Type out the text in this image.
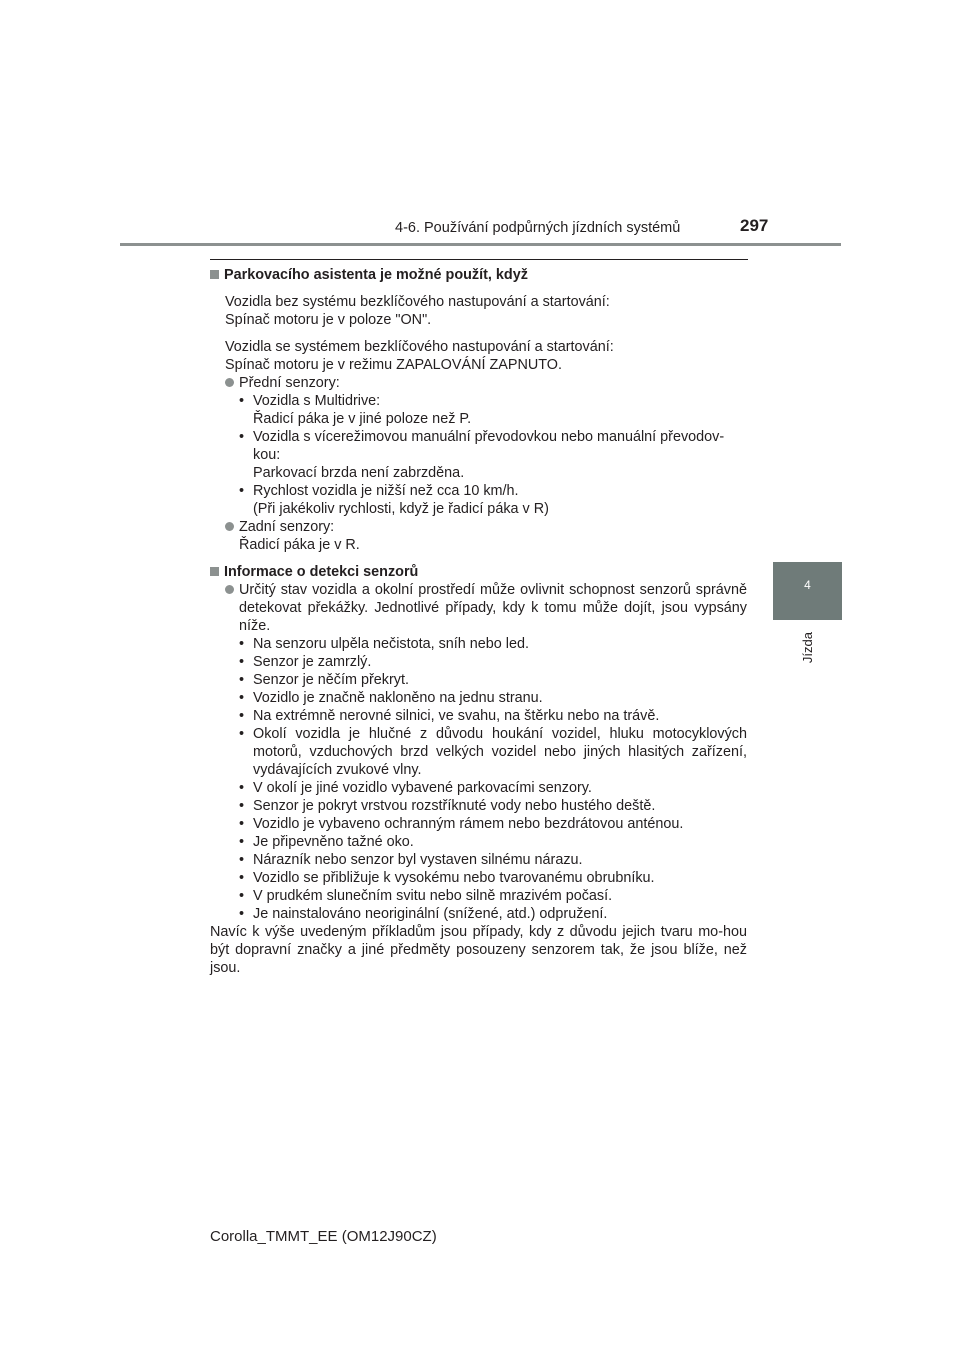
4-6. Používání podpůrných jízdních systémů	297
4
Jízda
Parkovacího asistenta je možné použít, když
Vozidla bez systému bezklíčového nastupování a startování:
Spínač motoru je v poloze "ON".
Vozidla se systémem bezklíčového nastupování a startování:
Spínač motoru je v režimu ZAPALOVÁNÍ ZAPNUTO.
Přední senzory:
• Vozidla s Multidrive:
Řadicí páka je v jiné poloze než P.
• Vozidla s vícerežimovou manuální převodovkou nebo manuální převodov-
kou:
Parkovací brzda není zabrzděna.
• Rychlost vozidla je nižší než cca 10 km/h.
(Při jakékoliv rychlosti, když je řadicí páka v R)
Zadní senzory:
Řadicí páka je v R.
Informace o detekci senzorů
Určitý stav vozidla a okolní prostředí může ovlivnit schopnost senzorů správně detekovat překážky. Jednotlivé případy, kdy k tomu může dojít, jsou vypsány níže.
• Na senzoru ulpěla nečistota, sníh nebo led.
• Senzor je zamrzlý.
• Senzor je něčím překryt.
• Vozidlo je značně nakloněno na jednu stranu.
• Na extrémně nerovné silnici, ve svahu, na štěrku nebo na trávě.
• Okolí vozidla je hlučné z důvodu houkání vozidel, hluku motocyklových motorů, vzduchových brzd velkých vozidel nebo jiných hlasitých zařízení, vydávajících zvukové vlny.
• V okolí je jiné vozidlo vybavené parkovacími senzory.
• Senzor je pokryt vrstvou rozstříknuté vody nebo hustého deště.
• Vozidlo je vybaveno ochranným rámem nebo bezdrátovou anténou.
• Je připevněno tažné oko.
• Nárazník nebo senzor byl vystaven silnému nárazu.
• Vozidlo se přibližuje k vysokému nebo tvarovanému obrubníku.
• V prudkém slunečním svitu nebo silně mrazivém počasí.
• Je nainstalováno neoriginální (snížené, atd.) odpružení.
Navíc k výše uvedeným příkladům jsou případy, kdy z důvodu jejich tvaru mo-hou být dopravní značky a jiné předměty posouzeny senzorem tak, že jsou blíže, než jsou.
Corolla_TMMT_EE (OM12J90CZ)
